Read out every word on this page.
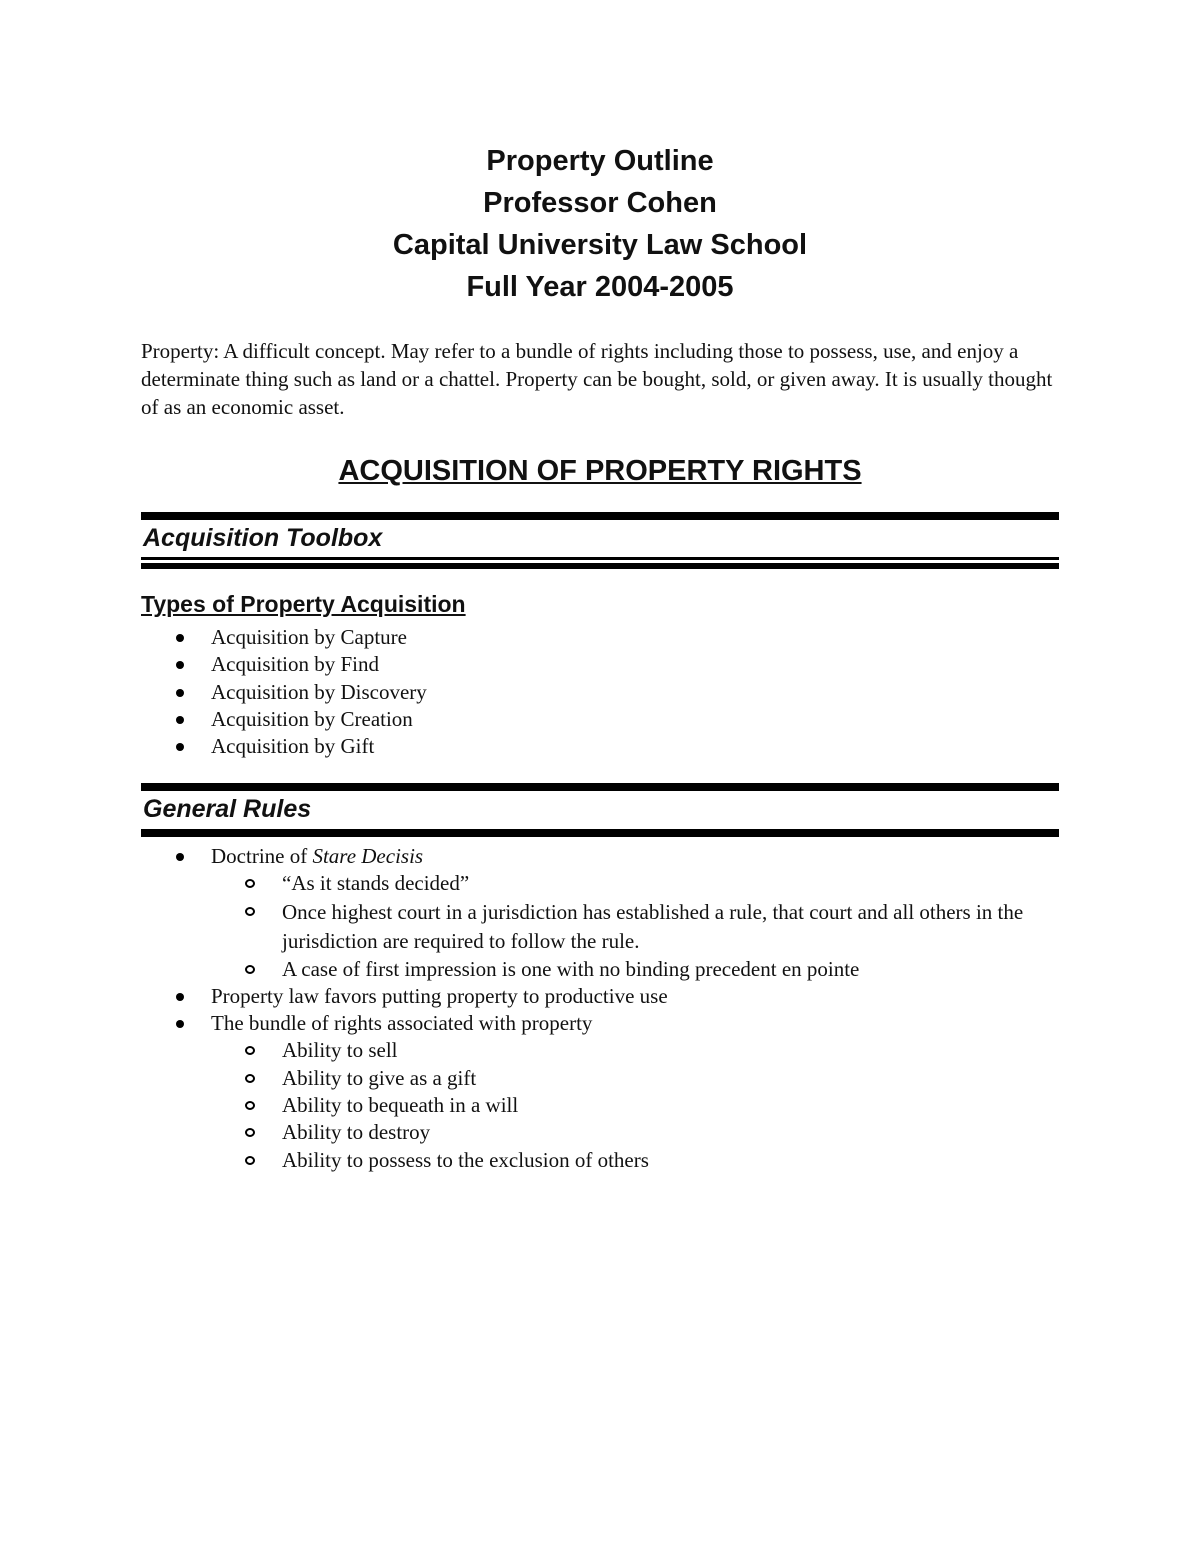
Property Outline
Professor Cohen
Capital University Law School
Full Year 2004-2005

Property: A difficult concept. May refer to a bundle of rights including those to possess, use, and enjoy a determinate thing such as land or a chattel. Property can be bought, sold, or given away. It is usually thought of as an economic asset.

ACQUISITION OF PROPERTY RIGHTS
Acquisition Toolbox
Types of Property Acquisition
Acquisition by Capture
Acquisition by Find
Acquisition by Discovery
Acquisition by Creation
Acquisition by Gift
General Rules
Doctrine of Stare Decisis
“As it stands decided”
Once highest court in a jurisdiction has established a rule, that court and all others in the jurisdiction are required to follow the rule.
A case of first impression is one with no binding precedent en pointe
Property law favors putting property to productive use
The bundle of rights associated with property
Ability to sell
Ability to give as a gift
Ability to bequeath in a will
Ability to destroy
Ability to possess to the exclusion of others
